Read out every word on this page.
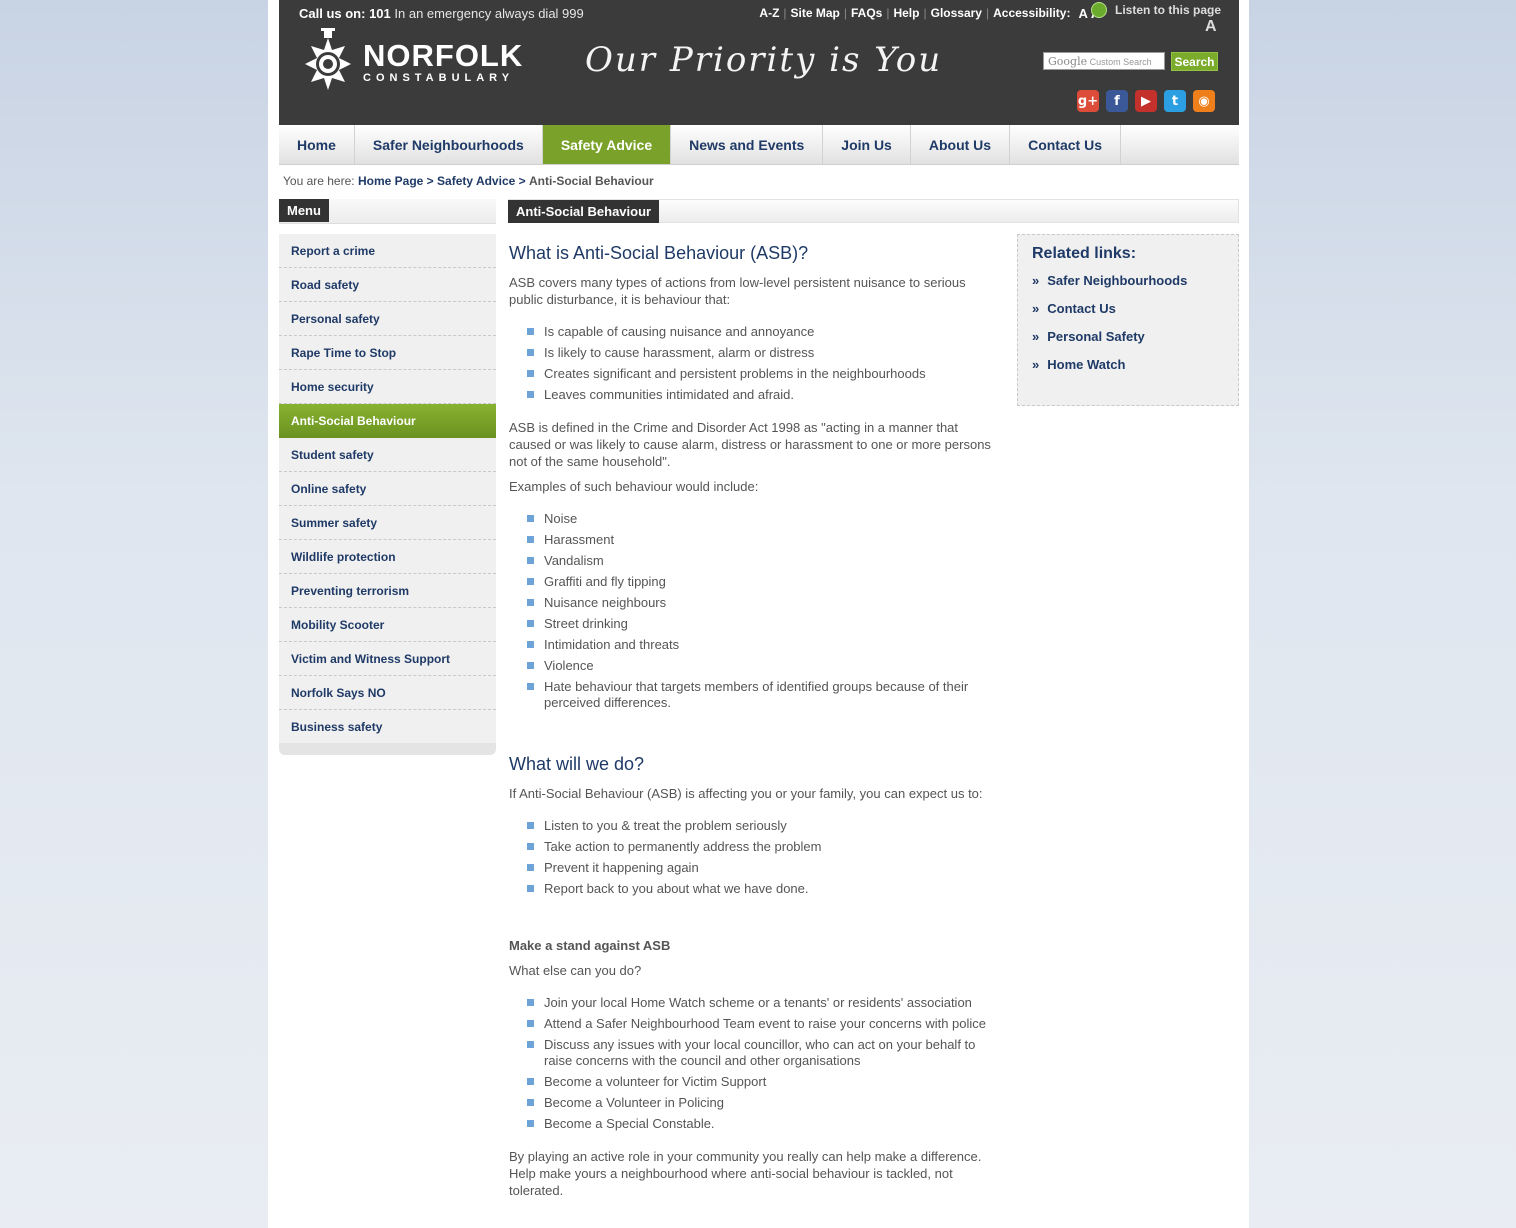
Call us on: 101 In an emergency always dial 999	A-Z | Site Map | FAQs | Help | Glossary | Accessibility: A Listen to this page
A
NORFOLK
CONSTABULARY Our Priority is You	Google Custom Search	Search
g+	f	▶	t	◉
Home	Safer Neighbourhoods	Safety Advice	News and Events	Join Us	About Us	Contact Us
You are here: Home Page > Safety Advice > Anti-Social Behaviour
Menu
Report a crime
Road safety
Personal safety
Rape Time to Stop
Home security
Anti-Social Behaviour
Student safety
Online safety
Summer safety
Wildlife protection
Preventing terrorism
Mobility Scooter
Victim and Witness Support
Norfolk Says NO
Business safety
Anti-Social Behaviour
What is Anti-Social Behaviour (ASB)?

ASB covers many types of actions from low-level persistent nuisance to serious public disturbance, it is behaviour that:

Is capable of causing nuisance and annoyance
Is likely to cause harassment, alarm or distress
Creates significant and persistent problems in the neighbourhoods
Leaves communities intimidated and afraid.

ASB is defined in the Crime and Disorder Act 1998 as "acting in a manner that caused or was likely to cause alarm, distress or harassment to one or more persons not of the same household".

Examples of such behaviour would include:

Noise
Harassment
Vandalism
Graffiti and fly tipping
Nuisance neighbours
Street drinking
Intimidation and threats
Violence
Hate behaviour that targets members of identified groups because of their perceived differences.
What will we do?

If Anti-Social Behaviour (ASB) is affecting you or your family, you can expect us to:

Listen to you & treat the problem seriously
Take action to permanently address the problem
Prevent it happening again
Report back to you about what we have done.
Make a stand against ASB

What else can you do?

Join your local Home Watch scheme or a tenants' or residents' association
Attend a Safer Neighbourhood Team event to raise your concerns with police
Discuss any issues with your local councillor, who can act on your behalf to raise concerns with the council and other organisations
Become a volunteer for Victim Support
Become a Volunteer in Policing
Become a Special Constable.

By playing an active role in your community you really can help make a difference. Help make yours a neighbourhood where anti-social behaviour is tackled, not tolerated.

Related links:
» Safer Neighbourhoods
» Contact Us
» Personal Safety
» Home Watch
